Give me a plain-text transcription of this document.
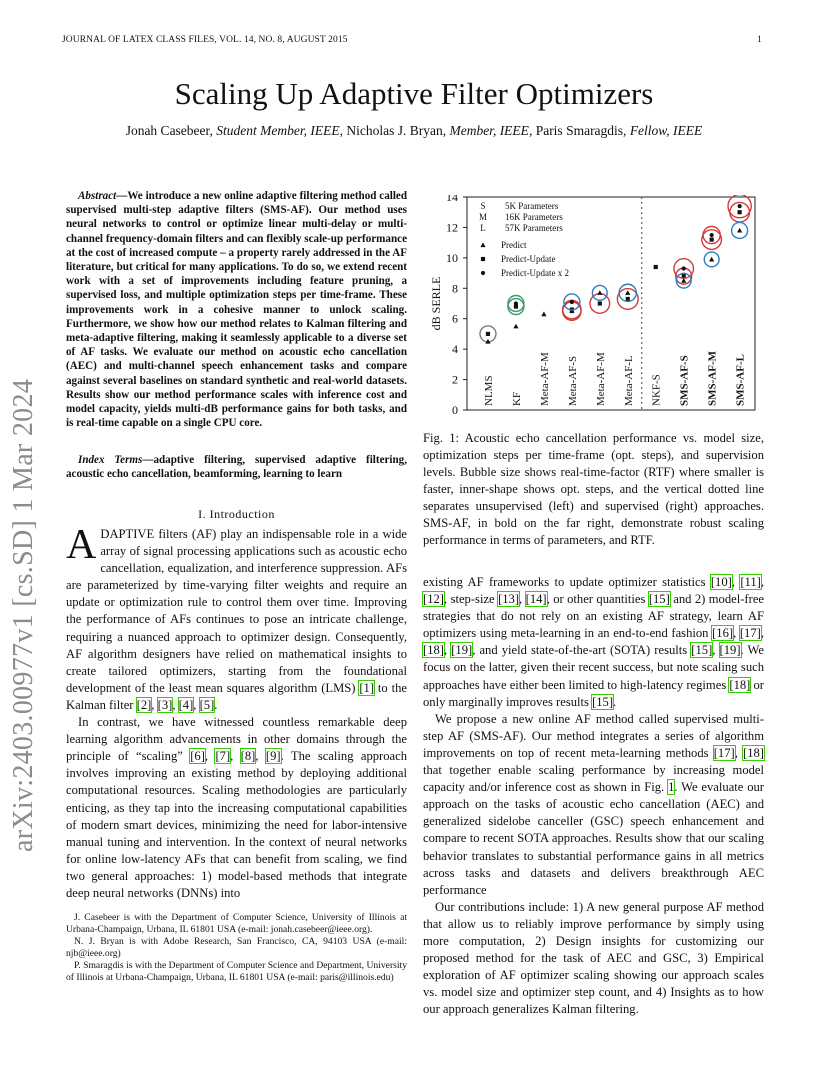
JOURNAL OF LATEX CLASS FILES, VOL. 14, NO. 8, AUGUST 2015	1
arXiv:2403.00977v1 [cs.SD] 1 Mar 2024
Scaling Up Adaptive Filter Optimizers
Jonah Casebeer, Student Member, IEEE, Nicholas J. Bryan, Member, IEEE, Paris Smaragdis, Fellow, IEEE
Abstract—We introduce a new online adaptive filtering method called supervised multi-step adaptive filters (SMS-AF). Our method uses neural networks to control or optimize linear multi-delay or multi-channel frequency-domain filters and can flexibly scale-up performance at the cost of increased compute – a property rarely addressed in the AF literature, but critical for many applications. To do so, we extend recent work with a set of improvements including feature pruning, a supervised loss, and multiple optimization steps per time-frame. These improvements work in a cohesive manner to unlock scaling. Furthermore, we show how our method relates to Kalman filtering and meta-adaptive filtering, making it seamlessly applicable to a diverse set of AF tasks. We evaluate our method on acoustic echo cancellation (AEC) and multi-channel speech enhancement tasks and compare against several baselines on standard synthetic and real-world datasets. Results show our method performance scales with inference cost and model capacity, yields multi-dB performance gains for both tasks, and is real-time capable on a single CPU core.
Index Terms—adaptive filtering, supervised adaptive filtering, acoustic echo cancellation, beamforming, learning to learn
I. Introduction

ADAPTIVE filters (AF) play an indispensable role in a wide array of signal processing applications such as acoustic echo cancellation, equalization, and interference suppression. AFs are parameterized by time-varying filter weights and require an update or optimization rule to control them over time. Improving the performance of AFs continues to pose an intricate challenge, requiring a nuanced approach to optimizer design. Consequently, AF algorithm designers have relied on mathematical insights to create tailored optimizers, starting from the foundational development of the least mean squares algorithm (LMS) [1] to the Kalman filter [2], [3], [4], [5].

In contrast, we have witnessed countless remarkable deep learning algorithm advancements in other domains through the principle of “scaling” [6], [7], [8], [9]. The scaling approach involves improving an existing method by deploying additional computational resources. Scaling methodologies are particularly enticing, as they tap into the increasing computational capabilities of modern smart devices, minimizing the need for labor-intensive manual tuning and intervention. In the context of neural networks for online low-latency AFs that can benefit from scaling, we find two general approaches: 1) model-based methods that integrate deep neural networks (DNNs) into

J. Casebeer is with the Department of Computer Science, University of Illinois at Urbana-Champaign, Urbana, IL 61801 USA (e-mail: jonah.casebeer@ieee.org).

N. J. Bryan is with Adobe Research, San Francisco, CA, 94103 USA (e-mail: njb@ieee.org)

P. Smaragdis is with the Department of Computer Science and Department, University of Illinois at Urbana-Champaign, Urbana, IL 61801 USA (e-mail: paris@illinois.edu)

0
2
4
6
8
10
12
14
dB SERLE
NLMS KF Meta-AF-M Meta-AF-S Meta-AF-M Meta-AF-L NKF-S SMS-AF-S SMS-AF-M SMS-AF-L
S 5K Parameters
M 16K Parameters
L 57K Parameters
Predict
Predict-Update
Predict-Update x 2
Fig. 1: Acoustic echo cancellation performance vs. model size, optimization steps per time-frame (opt. steps), and supervision levels. Bubble size shows real-time-factor (RTF) where smaller is faster, inner-shape shows opt. steps, and the vertical dotted line separates unsupervised (left) and supervised (right) approaches. SMS-AF, in bold on the far right, demonstrate robust scaling performance in terms of parameters, and RTF.

existing AF frameworks to update optimizer statistics [10], [11], [12], step-size [13], [14], or other quantities [15] and 2) model-free strategies that do not rely on an existing AF strategy, learn AF optimizers using meta-learning in an end-to-end fashion [16], [17], [18], [19], and yield state-of-the-art (SOTA) results [15], [19]. We focus on the latter, given their recent success, but note scaling such approaches have either been limited to high-latency regimes [18] or only marginally improves results [15].

We propose a new online AF method called supervised multi-step AF (SMS-AF). Our method integrates a series of algorithm improvements on top of recent meta-learning methods [17], [18] that together enable scaling performance by increasing model capacity and/or inference cost as shown in Fig. 1. We evaluate our approach on the tasks of acoustic echo cancellation (AEC) and generalized sidelobe canceller (GSC) speech enhancement and compare to recent SOTA approaches. Results show that our scaling behavior translates to substantial performance gains in all metrics across tasks and datasets and delivers breakthrough AEC performance

Our contributions include: 1) A new general purpose AF method that allow us to reliably improve performance by simply using more computation, 2) Design insights for customizing our proposed method for the task of AEC and GSC, 3) Empirical exploration of AF optimizer scaling showing our approach scales vs. model size and optimizer step count, and 4) Insights as to how our approach generalizes Kalman filtering.
